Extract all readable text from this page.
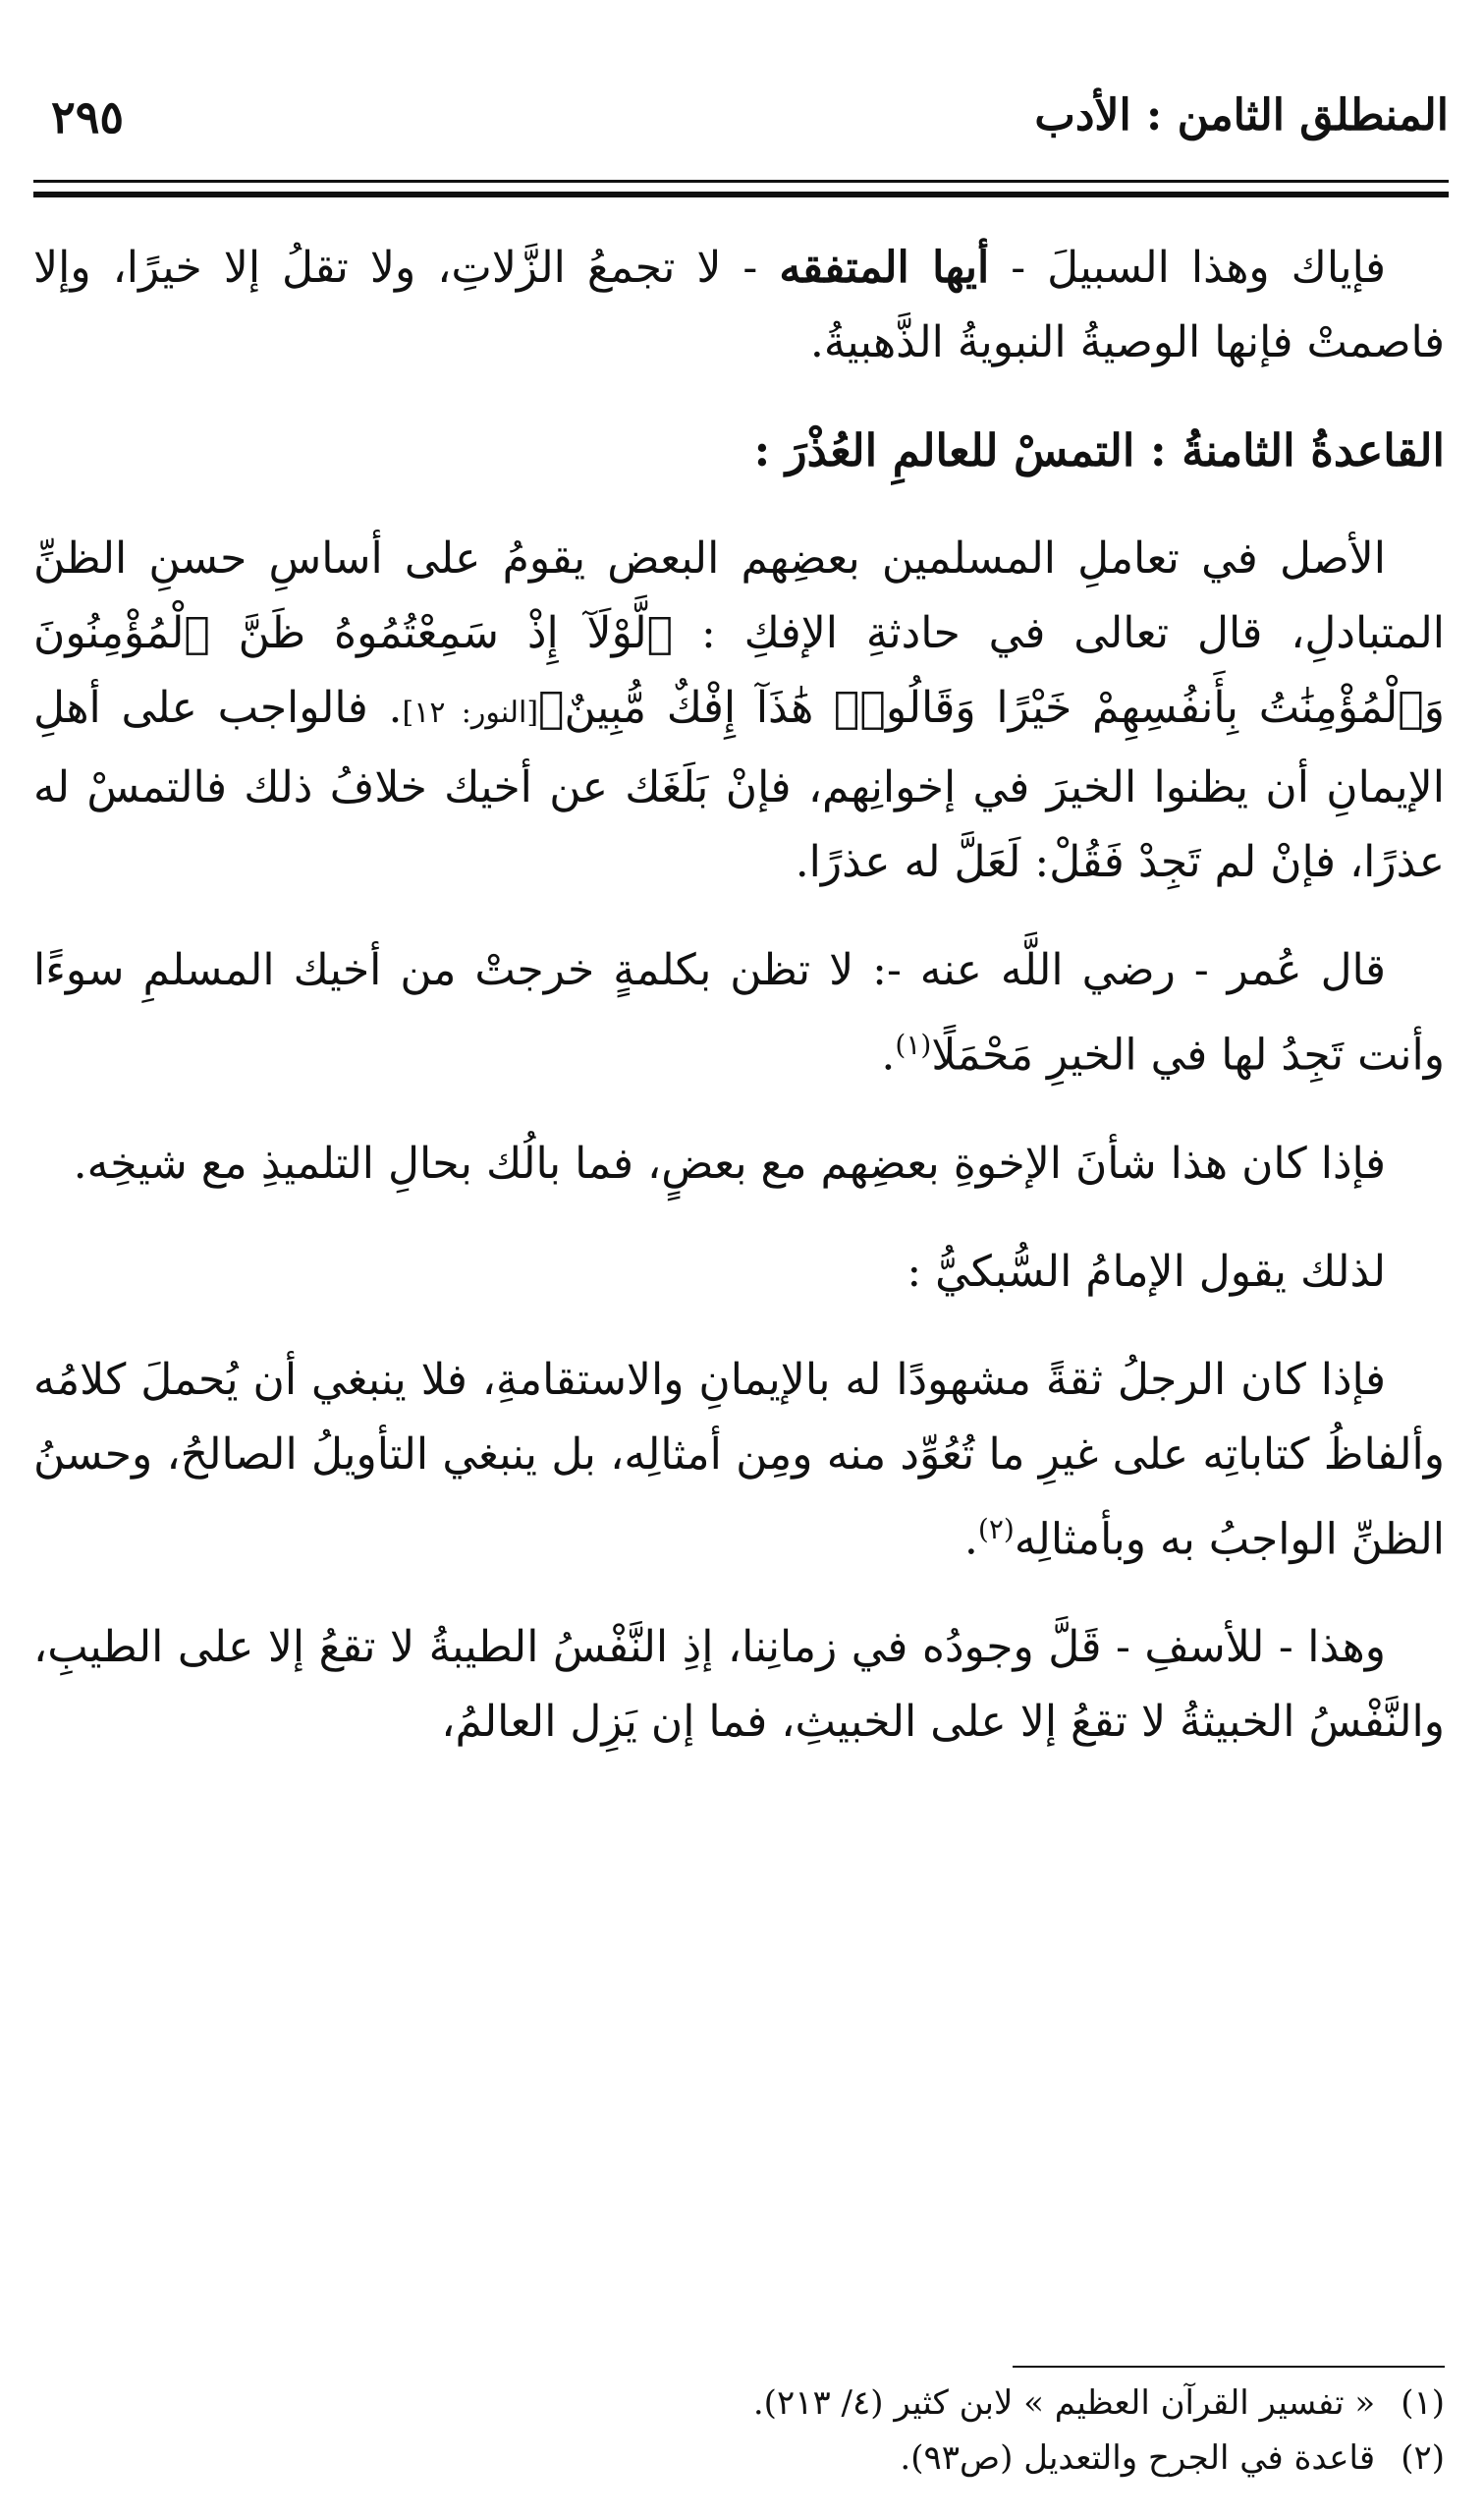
المنطلق الثامن : الأدب
٢٩٥

فإياك وهذا السبيلَ - أيها المتفقه - لا تجمعُ الزَّلاتِ، ولا تقلُ إلا خيرًا، وإلا فاصمتْ فإنها الوصيةُ النبويةُ الذَّهبيةُ.

القاعدةُ الثامنةُ : التمسْ للعالمِ العُذْرَ :

الأصل في تعاملِ المسلمين بعضِهم البعض يقومُ على أساسِ حسنِ الظنِّ المتبادلِ، قال تعالى في حادثةِ الإفكِ : ﴿لَّوْلَآ إِذْ سَمِعْتُمُوهُ ظَنَّ ٱلْمُؤْمِنُونَ وَٱلْمُؤْمِنَٰتُ بِأَنفُسِهِمْ خَيْرًا وَقَالُوا۟ هَٰذَآ إِفْكٌ مُّبِينٌ﴾[النور: ١٢]. فالواجب على أهلِ الإيمانِ أن يظنوا الخيرَ في إخوانِهم، فإنْ بَلَغَك عن أخيك خلافُ ذلك فالتمسْ له عذرًا، فإنْ لم تَجِدْ فَقُلْ: لَعَلَّ له عذرًا.

قال عُمر - رضي اللَّه عنه -: لا تظن بكلمةٍ خرجتْ من أخيك المسلمِ سوءًا وأنت تَجِدُ لها في الخيرِ مَحْمَلًا$^{(١)}$.

فإذا كان هذا شأنَ الإخوةِ بعضِهم مع بعضٍ، فما بالُك بحالِ التلميذِ مع شيخِه.

لذلك يقول الإمامُ السُّبكيُّ :

فإذا كان الرجلُ ثقةً مشهودًا له بالإيمانِ والاستقامةِ، فلا ينبغي أن يُحملَ كلامُه وألفاظُ كتاباتِه على غيرِ ما تُعُوِّد منه ومِن أمثالِه، بل ينبغي التأويلُ الصالحُ، وحسنُ الظنِّ الواجبُ به وبأمثالِه$^{(٢)}$.

وهذا - للأسفِ - قَلَّ وجودُه في زمانِنا، إذِ النَّفْسُ الطيبةُ لا تقعُ إلا على الطيبِ، والنَّفْسُ الخبيثةُ لا تقعُ إلا على الخبيثِ، فما إن يَزِل العالمُ،

(١) « تفسير القرآن العظيم » لابن كثير (٤/ ٢١٣).

(٢) قاعدة في الجرح والتعديل (ص٩٣).
